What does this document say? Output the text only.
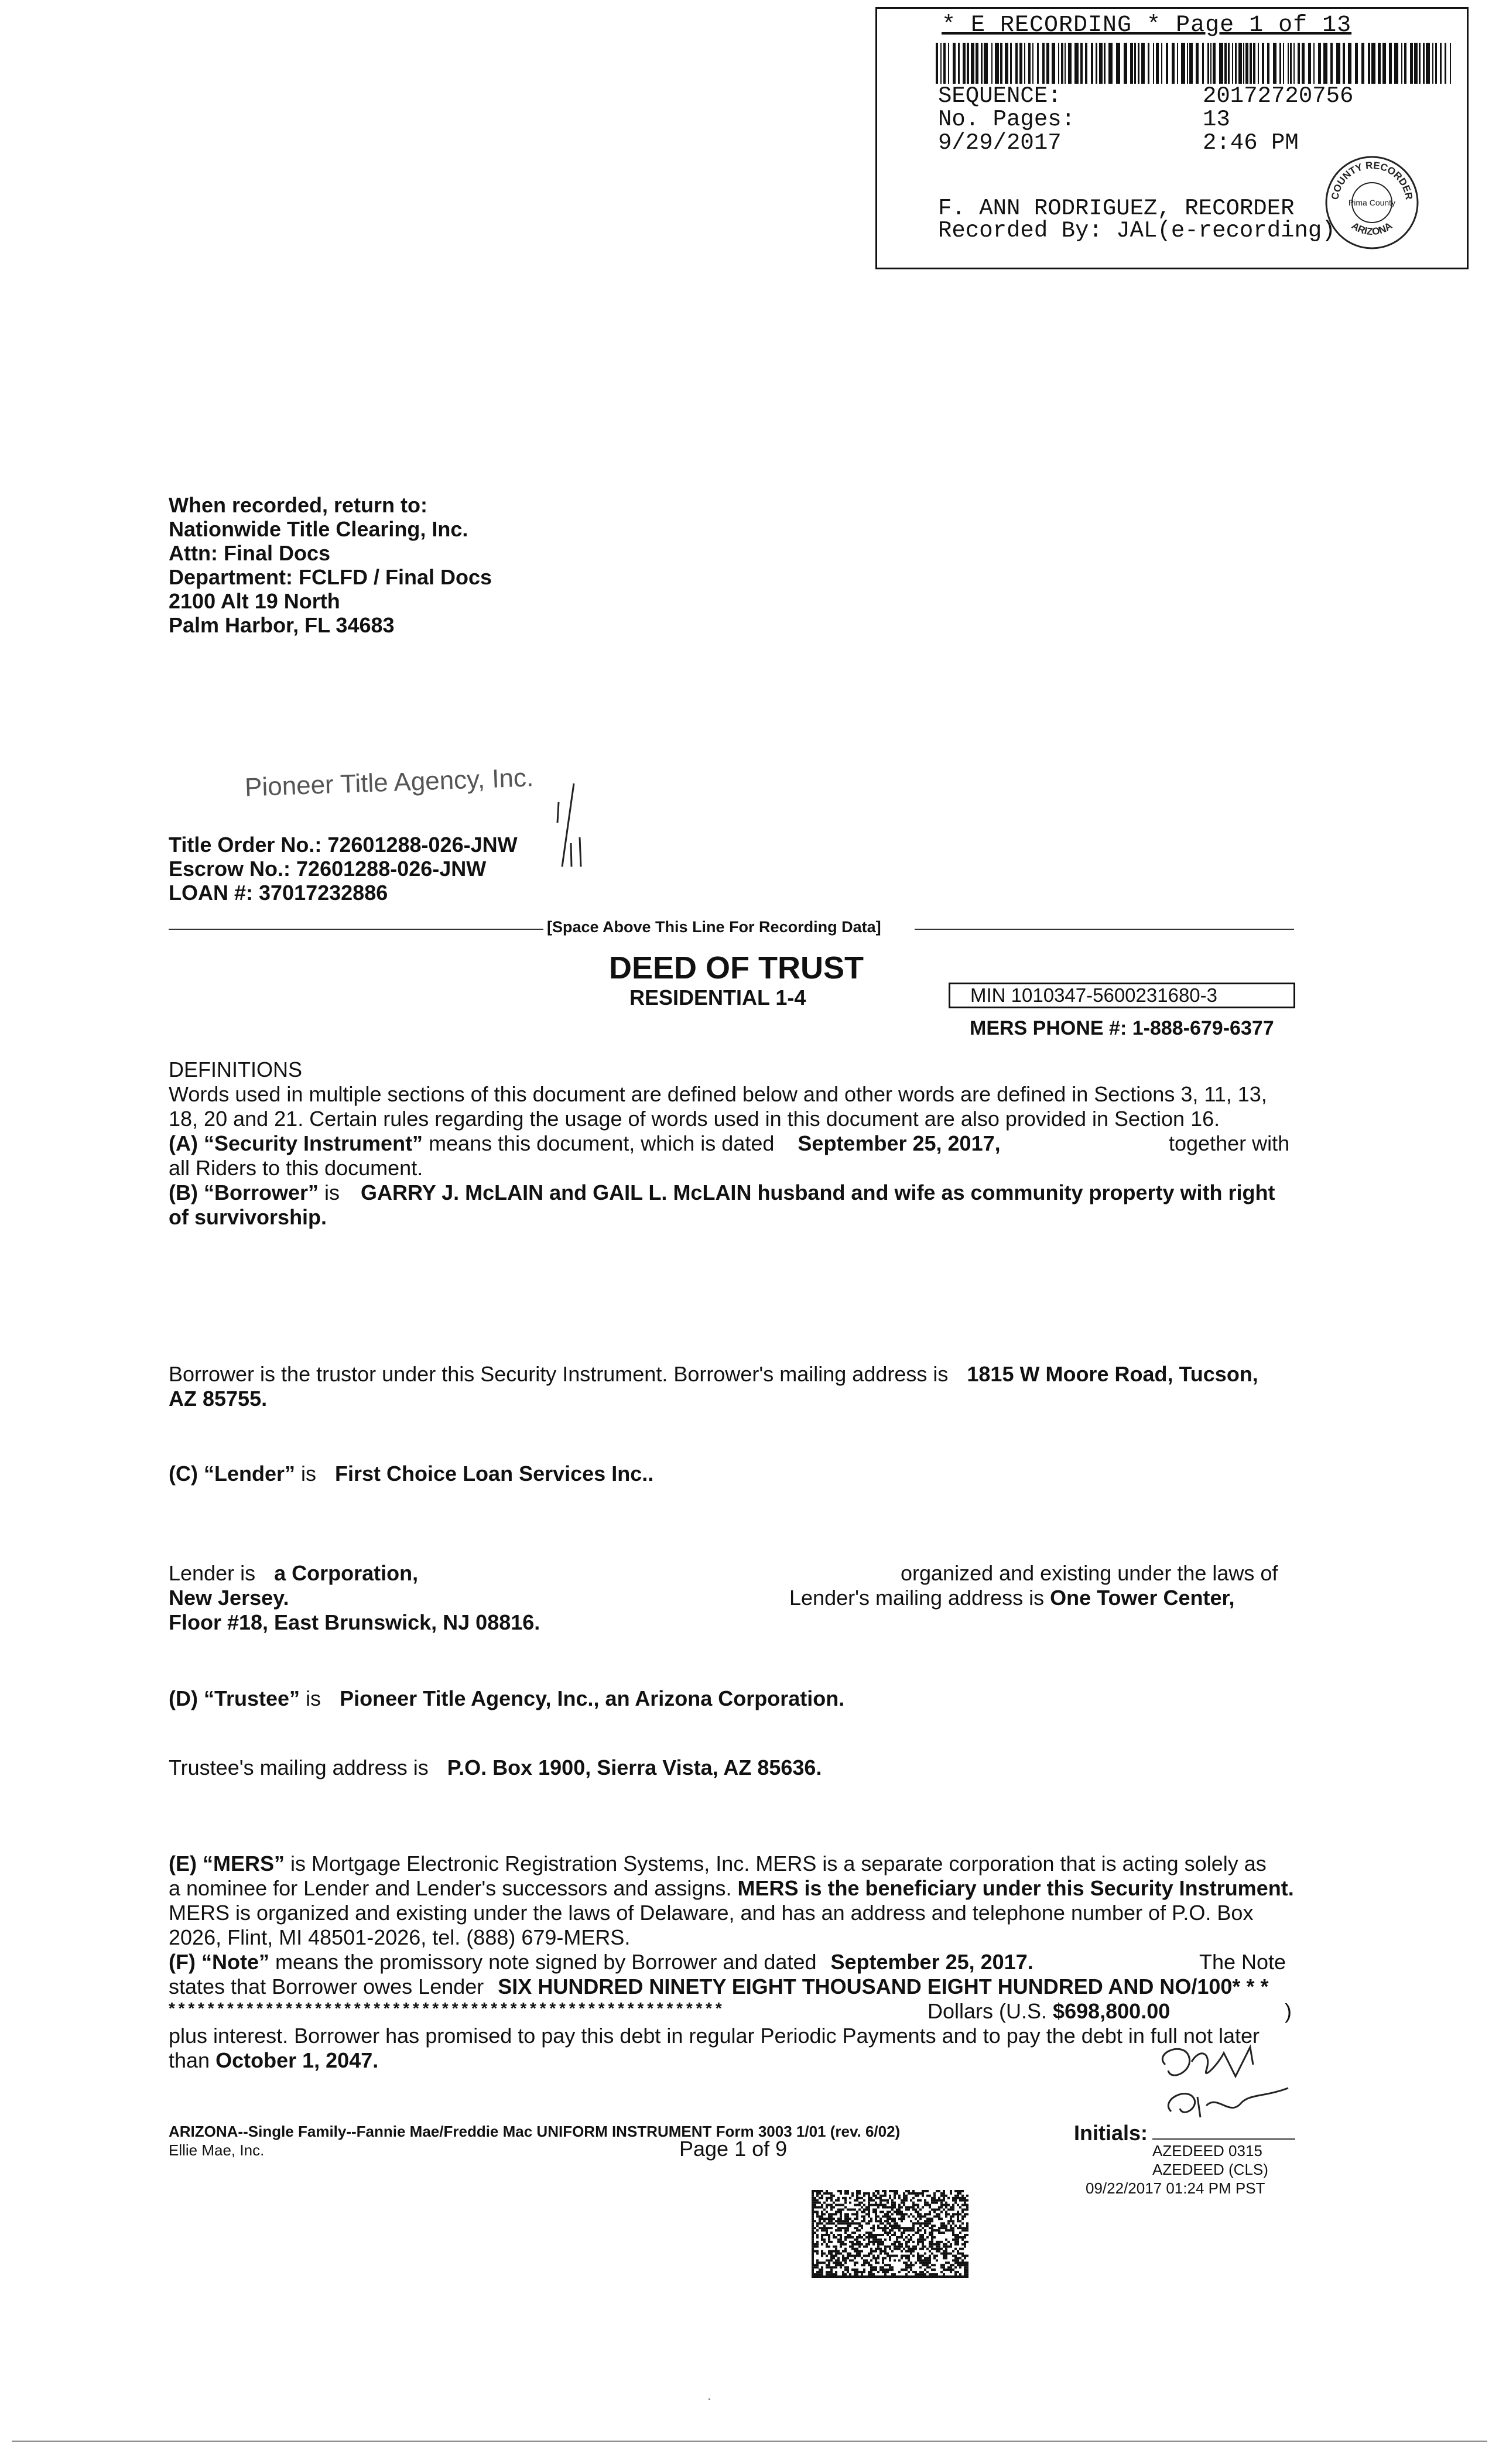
* E RECORDING * Page 1 of 13
SEQUENCE:	20172720756
No. Pages:	13
9/29/2017	2:46 PM
F. ANN RODRIGUEZ, RECORDER
Recorded By: JAL(e-recording)
COUNTY RECORDER
ARIZONA
Pima County
When recorded, return to:
Nationwide Title Clearing, Inc.
Attn: Final Docs
Department: FCLFD / Final Docs
2100 Alt 19 North
Palm Harbor, FL 34683
Pioneer Title Agency, Inc.
Title Order No.: 72601288-026-JNW
Escrow No.: 72601288-026-JNW
LOAN #: 37017232886
[Space Above This Line For Recording Data]
DEED OF TRUST
RESIDENTIAL 1-4	MIN 1010347-5600231680-3
MERS PHONE #: 1-888-679-6377
DEFINITIONS
Words used in multiple sections of this document are defined below and other words are defined in Sections 3, 11, 13,
18, 20 and 21. Certain rules regarding the usage of words used in this document are also provided in Section 16.
(A) “Security Instrument” means this document, which is dated September 25, 2017,	together with
all Riders to this document.
(B) “Borrower” is GARRY J. McLAIN and GAIL L. McLAIN husband and wife as community property with right
of survivorship.
Borrower is the trustor under this Security Instrument. Borrower's mailing address is 1815 W Moore Road, Tucson,
AZ 85755.
(C) “Lender” is First Choice Loan Services Inc..
Lender is a Corporation,	organized and existing under the laws of
New Jersey.	Lender's mailing address is One Tower Center,
Floor #18, East Brunswick, NJ 08816.
(D) “Trustee” is Pioneer Title Agency, Inc., an Arizona Corporation.
Trustee's mailing address is P.O. Box 1900, Sierra Vista, AZ 85636.
(E) “MERS” is Mortgage Electronic Registration Systems, Inc. MERS is a separate corporation that is acting solely as
a nominee for Lender and Lender's successors and assigns. MERS is the beneficiary under this Security Instrument.
MERS is organized and existing under the laws of Delaware, and has an address and telephone number of P.O. Box
2026, Flint, MI 48501-2026, tel. (888) 679-MERS.
(F) “Note” means the promissory note signed by Borrower and dated September 25, 2017.	The Note
states that Borrower owes Lender SIX HUNDRED NINETY EIGHT THOUSAND EIGHT HUNDRED AND NO/100* * *
* * * * * * * * * * * * * * * * * * * * * * * * * * * * * * * * * * * * * * * * * * * * * * * * * * * * * * * * *	Dollars (U.S. $698,800.00	)
plus interest. Borrower has promised to pay this debt in regular Periodic Payments and to pay the debt in full not later
than October 1, 2047.
ARIZONA--Single Family--Fannie Mae/Freddie Mac UNIFORM INSTRUMENT Form 3003 1/01 (rev. 6/02)
Ellie Mae, Inc.	Page 1 of 9
Initials:
AZEDEED 0315
AZEDEED (CLS)
09/22/2017 01:24 PM PST
